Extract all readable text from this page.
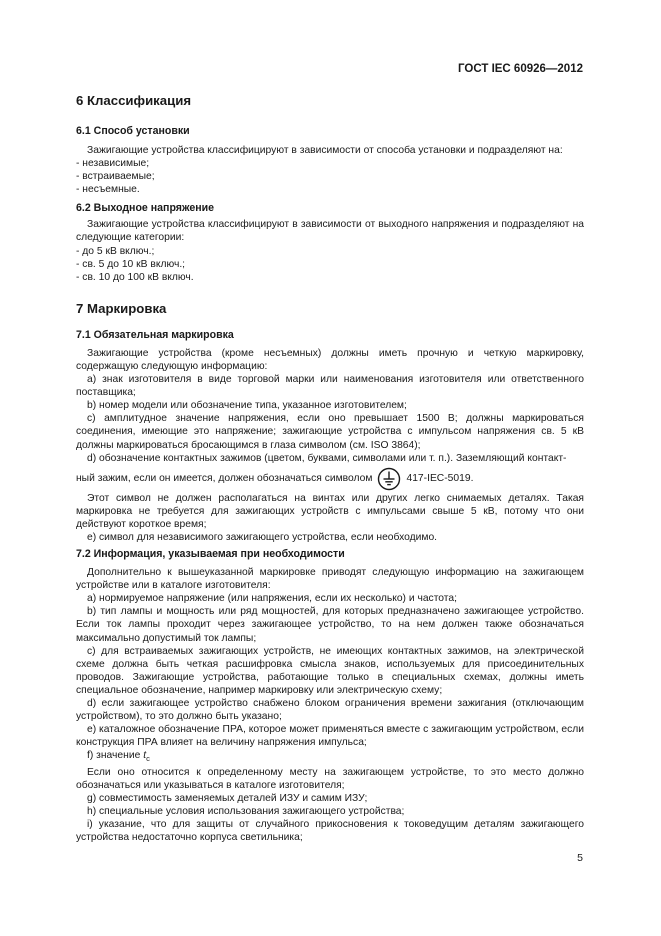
ГОСТ IEC 60926—2012

6 Классификация

6.1 Способ установки

Зажигающие устройства классифицируют в зависимости от способа установки и подразделяют на:

- независимые;

- встраиваемые;

- несъемные.

6.2 Выходное напряжение

Зажигающие устройства классифицируют в зависимости от выходного напряжения и подразделяют на следующие категории:

- до 5 кВ включ.;

- св. 5 до 10 кВ включ.;

- св. 10 до 100 кВ включ.

7 Маркировка

7.1 Обязательная маркировка

Зажигающие устройства (кроме несъемных) должны иметь прочную и четкую маркировку, содержащую следующую информацию:

a) знак изготовителя в виде торговой марки или наименования изготовителя или ответственного поставщика;

b) номер модели или обозначение типа, указанное изготовителем;

c) амплитудное значение напряжения, если оно превышает 1500 В; должны маркироваться соединения, имеющие это напряжение; зажигающие устройства с импульсом напряжения св. 5 кВ должны маркироваться бросающимся в глаза символом (см. ISO 3864);

d) обозначение контактных зажимов (цветом, буквами, символами или т. п.). Заземляющий контакт-

ный зажим, если он имеется, должен обозначаться символом	417-IEC-5019.

Этот символ не должен располагаться на винтах или других легко снимаемых деталях. Такая маркировка не требуется для зажигающих устройств с импульсами свыше 5 кВ, потому что они действуют короткое время;

e) символ для независимого зажигающего устройства, если необходимо.

7.2 Информация, указываемая при необходимости

Дополнительно к вышеуказанной маркировке приводят следующую информацию на зажигающем устройстве или в каталоге изготовителя:

a) нормируемое напряжение (или напряжения, если их несколько) и частота;

b) тип лампы и мощность или ряд мощностей, для которых предназначено зажигающее устройство. Если ток лампы проходит через зажигающее устройство, то на нем должен также обозначаться максимально допустимый ток лампы;

c) для встраиваемых зажигающих устройств, не имеющих контактных зажимов, на электрической схеме должна быть четкая расшифровка смысла знаков, используемых для присоединительных проводов. Зажигающие устройства, работающие только в специальных схемах, должны иметь специальное обозначение, например маркировку или электрическую схему;

d) если зажигающее устройство снабжено блоком ограничения времени зажигания (отключающим устройством), то это должно быть указано;

e) каталожное обозначение ПРА, которое может применяться вместе с зажигающим устройством, если конструкция ПРА влияет на величину напряжения импульса;

f) значение $t_c$

Если оно относится к определенному месту на зажигающем устройстве, то это место должно обозначаться или указываться в каталоге изготовителя;

g) совместимость заменяемых деталей ИЗУ и самим ИЗУ;

h) специальные условия использования зажигающего устройства;

i) указание, что для защиты от случайного прикосновения к токоведущим деталям зажигающего устройства недостаточно корпуса светильника;

5
